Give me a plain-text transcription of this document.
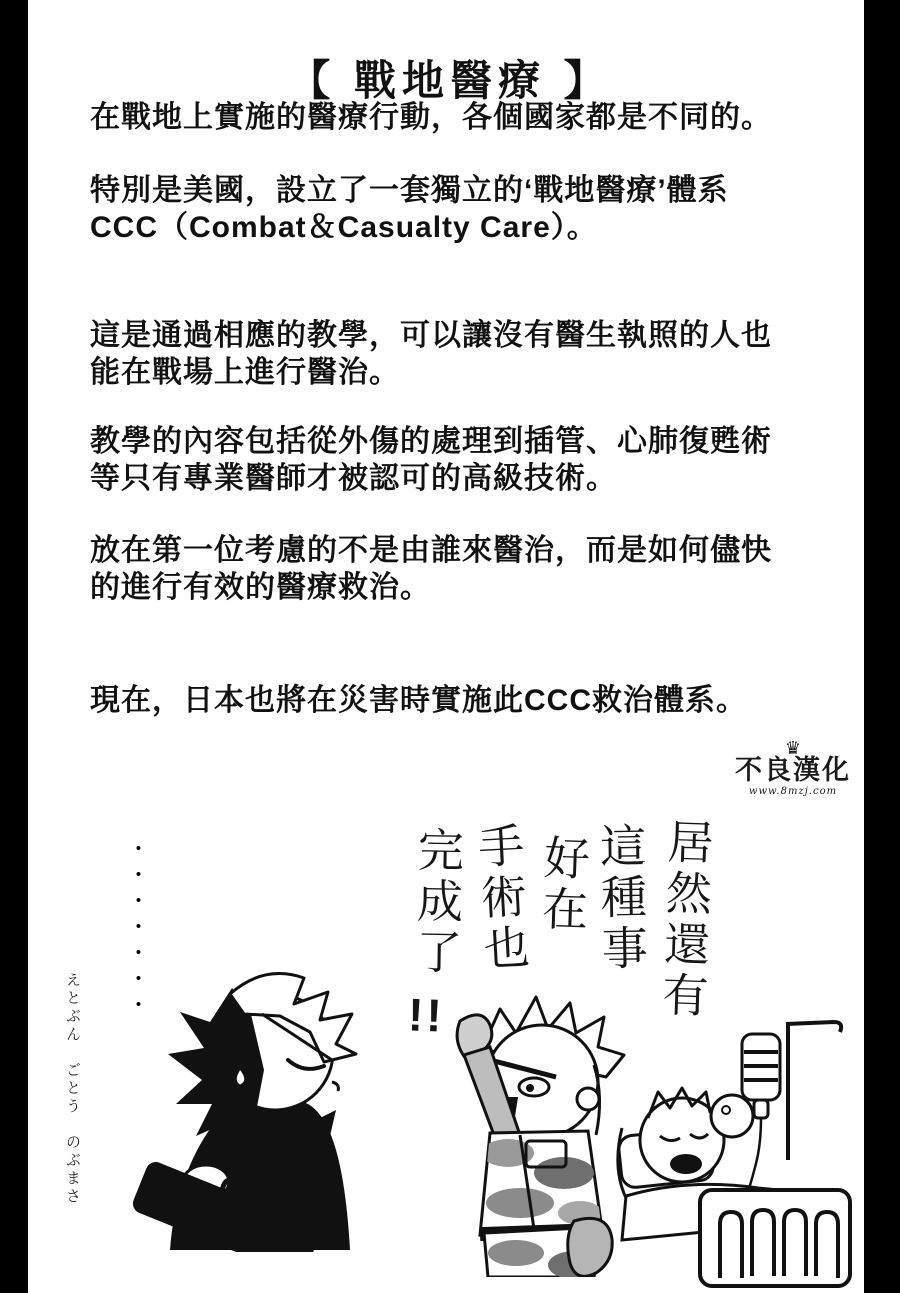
【 戰地醫療 】
在戰地上實施的醫療行動，各個國家都是不同的。
特別是美國，設立了一套獨立的‘戰地醫療’體系
CCC（Combat＆Casualty Care）。
這是通過相應的教學，可以讓沒有醫生執照的人也
能在戰場上進行醫治。
教學的內容包括從外傷的處理到插管、心肺復甦術
等只有專業醫師才被認可的高級技術。
放在第一位考慮的不是由誰來醫治，而是如何儘快
的進行有效的醫療救治。
現在，日本也將在災害時實施此CCC救治體系。
♛
不良漢化
www.8mzj.com
居然還有
這種事
好在
手術也
完成了
!!
•••••••
えとぶん　ごとう　のぶまさ
